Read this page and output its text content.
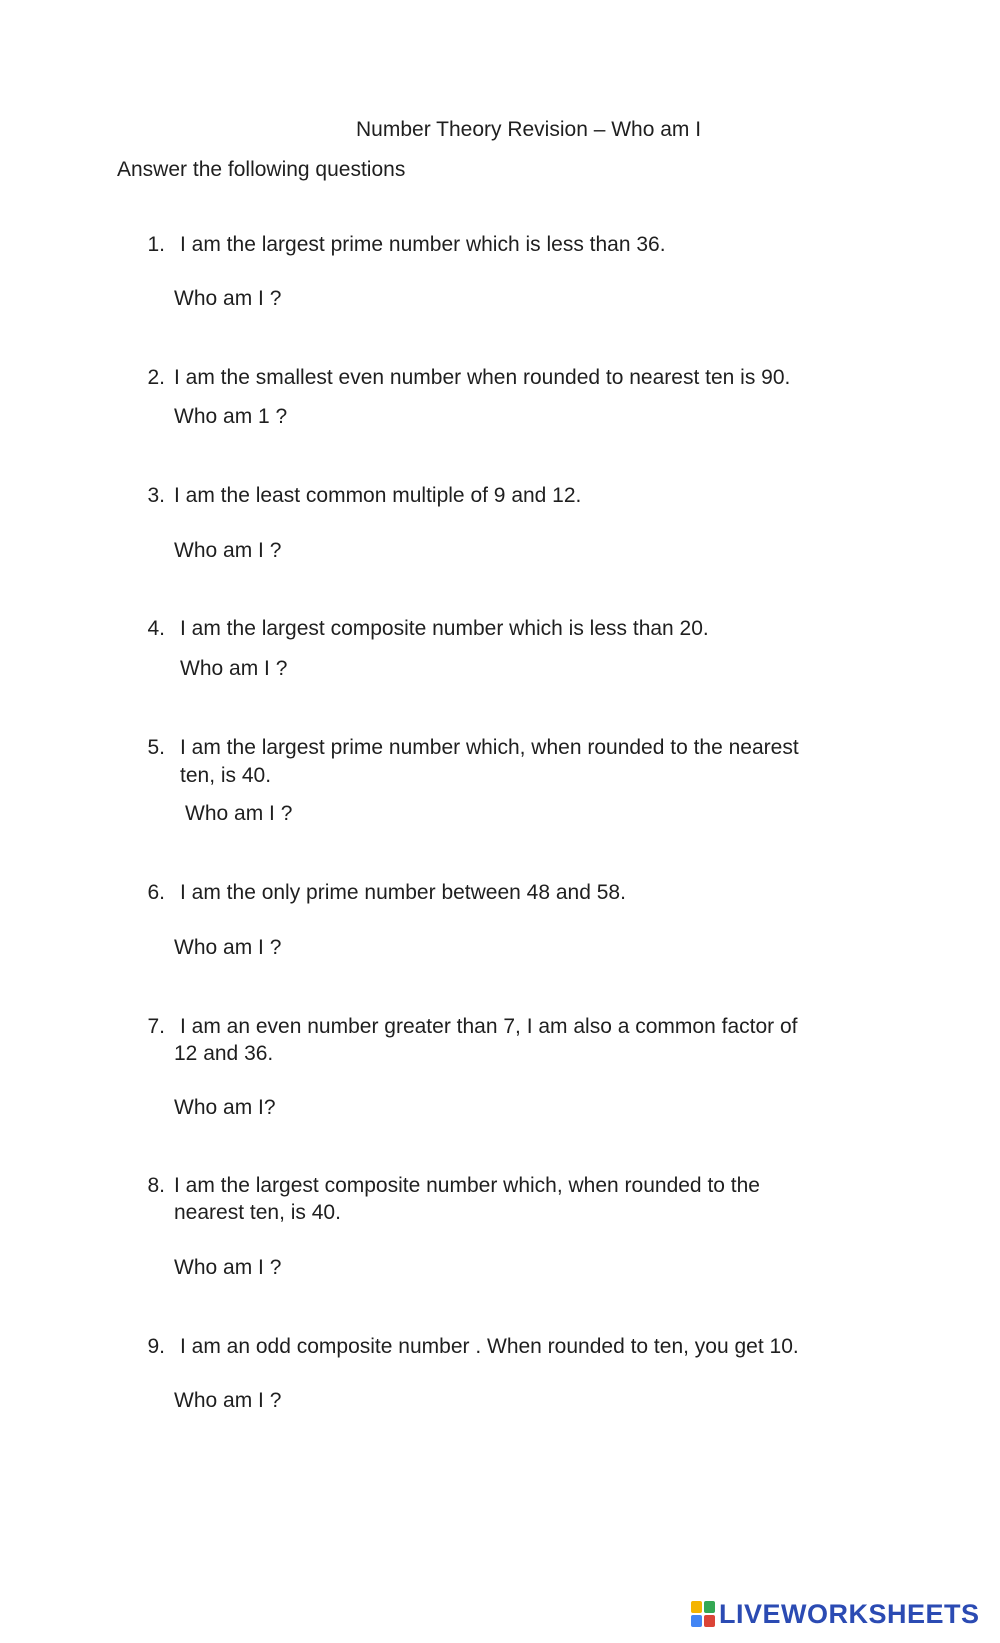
Number Theory Revision – Who am I
Answer the following questions
1. I am the largest prime number which is less than 36.
Who am I ?
2. I am the smallest even number when rounded to nearest ten is 90.
Who am 1 ?
3. I am the least common multiple of 9 and 12.
Who am I ?
4. I am the largest composite number which is less than 20.
Who am I ?
5. I am the largest prime number which, when rounded to the nearest
ten, is 40.
Who am I ?
6. I am the only prime number between 48 and 58.
Who am I ?
7. I am an even number greater than 7, I am also a common factor of
12 and 36.
Who am I?
8. I am the largest composite number which, when rounded to the
nearest ten, is 40.
Who am I ?
9. I am an odd composite number . When rounded to ten, you get 10.
Who am I ?
LIVEWORKSHEETS
